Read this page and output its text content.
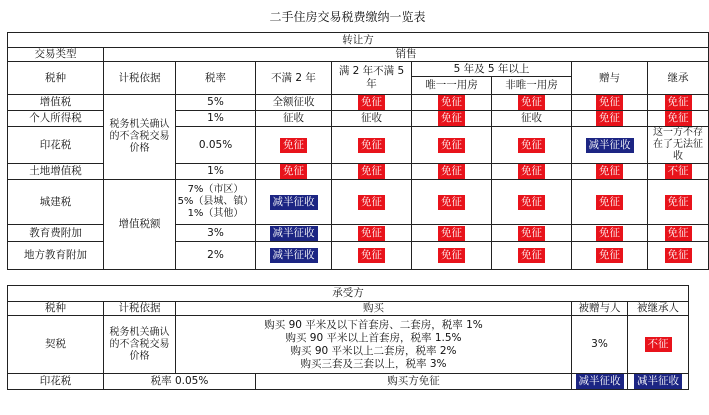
二手住房交易税费缴纳一览表
转让方								
交易类型	销售							
税种	计税依据	税率	不满 2 年	满 2 年不满 5 年	5 年及 5 年以上		赠与	继承
					唯一一用房	非唯一用房		
增值税	税务机关确认的不含税交易价格	5%	全额征收	免征	免征	免征	免征	免征
个人所得税		1%	征收	征收	免征	征收	免征	免征
印花税		0.05%	免征	免征	免征	免征	减半征收	这一方不存在了无法征收
土地增值税		1%	免征	免征	免征	免征	免征	不征
城建税	增值税额	7%（市区）
5%（县城、镇）
1%（其他）	减半征收	免征	免征	免征	免征	免征
教育费附加		3%	减半征收	免征	免征	免征	免征	免征
地方教育附加		2%	减半征收	免征	免征	免征	免征	免征
承受方					
税种	计税依据	购买		被赠与人	被继承人
契税	税务机关确认的不含税交易价格	购买 90 平米及以下首套房、二套房，税率 1%
购买 90 平米以上首套房，税率 1.5%
购买 90 平米以上二套房，税率 2%
购买三套及三套以上，税率 3%		3%	不征
印花税	税率 0.05%		购买方免征	减半征收	减半征收
